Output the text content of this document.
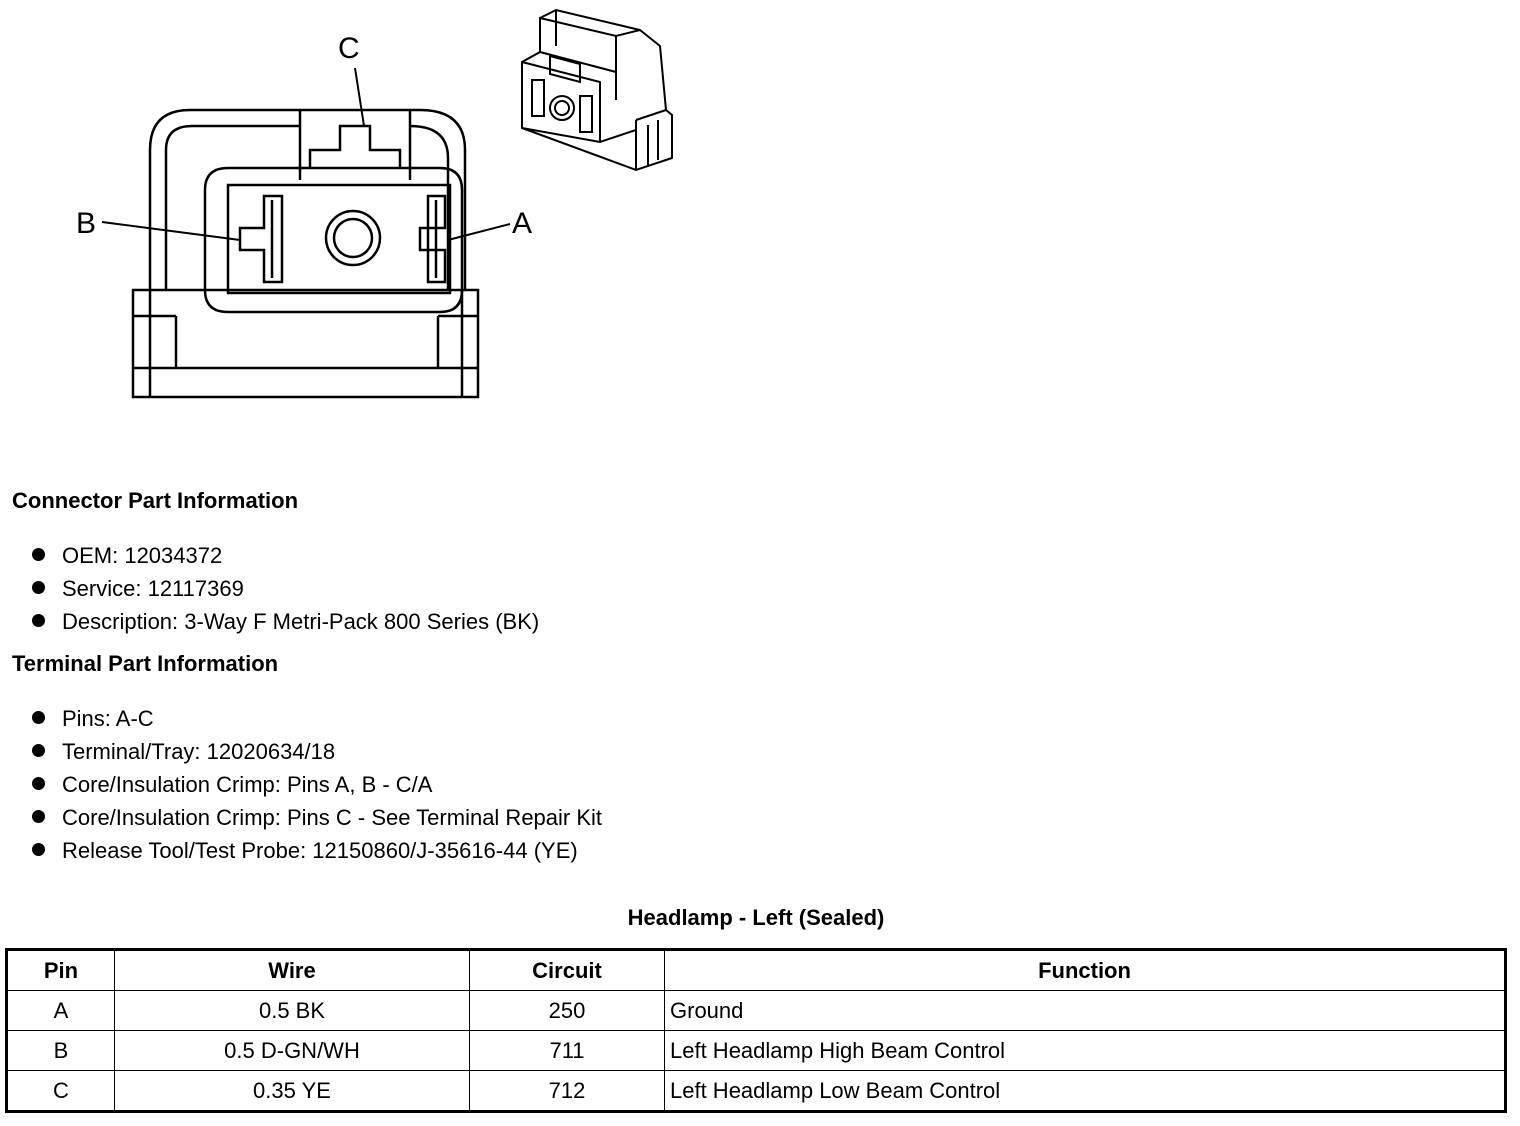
C
B	A
Connector Part Information
OEM: 12034372
Service: 12117369
Description: 3-Way F Metri-Pack 800 Series (BK)
Terminal Part Information
Pins: A-C
Terminal/Tray: 12020634/18
Core/Insulation Crimp: Pins A, B - C/A
Core/Insulation Crimp: Pins C - See Terminal Repair Kit
Release Tool/Test Probe: 12150860/J-35616-44 (YE)
Headlamp - Left (Sealed)
Pin	Wire	Circuit	Function
A	0.5 BK	250	Ground
B	0.5 D-GN/WH	711	Left Headlamp High Beam Control
C	0.35 YE	712	Left Headlamp Low Beam Control
